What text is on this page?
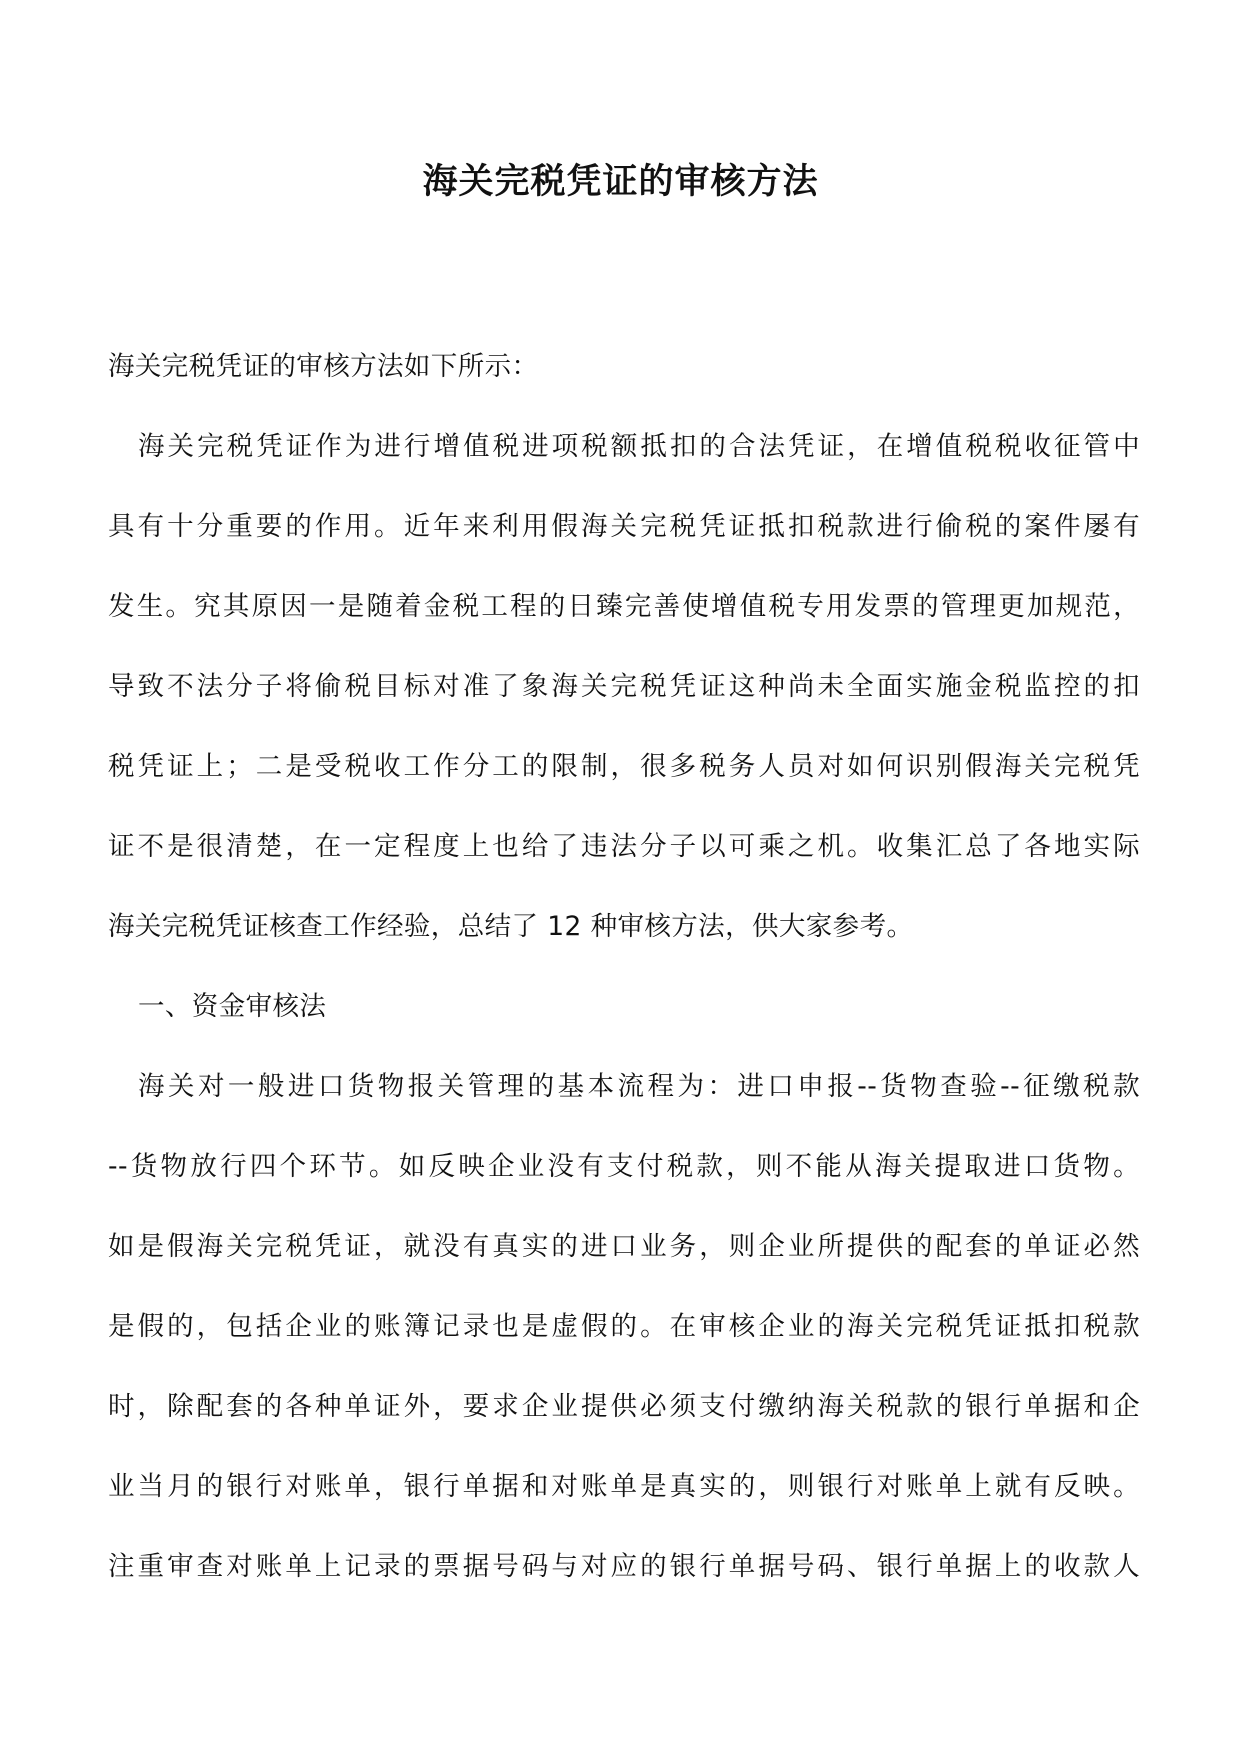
海关完税凭证的审核方法
海关完税凭证的审核方法如下所示：
海关完税凭证作为进行增值税进项税额抵扣的合法凭证，在增值税税收征管中
具有十分重要的作用。近年来利用假海关完税凭证抵扣税款进行偷税的案件屡有
发生。究其原因一是随着金税工程的日臻完善使增值税专用发票的管理更加规范，
导致不法分子将偷税目标对准了象海关完税凭证这种尚未全面实施金税监控的扣
税凭证上；二是受税收工作分工的限制，很多税务人员对如何识别假海关完税凭
证不是很清楚，在一定程度上也给了违法分子以可乘之机。收集汇总了各地实际
海关完税凭证核查工作经验，总结了 12 种审核方法，供大家参考。
一、资金审核法
海关对一般进口货物报关管理的基本流程为：进口申报--货物查验--征缴税款
--货物放行四个环节。如反映企业没有支付税款，则不能从海关提取进口货物。
如是假海关完税凭证，就没有真实的进口业务，则企业所提供的配套的单证必然
是假的，包括企业的账簿记录也是虚假的。在审核企业的海关完税凭证抵扣税款
时，除配套的各种单证外，要求企业提供必须支付缴纳海关税款的银行单据和企
业当月的银行对账单，银行单据和对账单是真实的，则银行对账单上就有反映。
注重审查对账单上记录的票据号码与对应的银行单据号码、银行单据上的收款人
